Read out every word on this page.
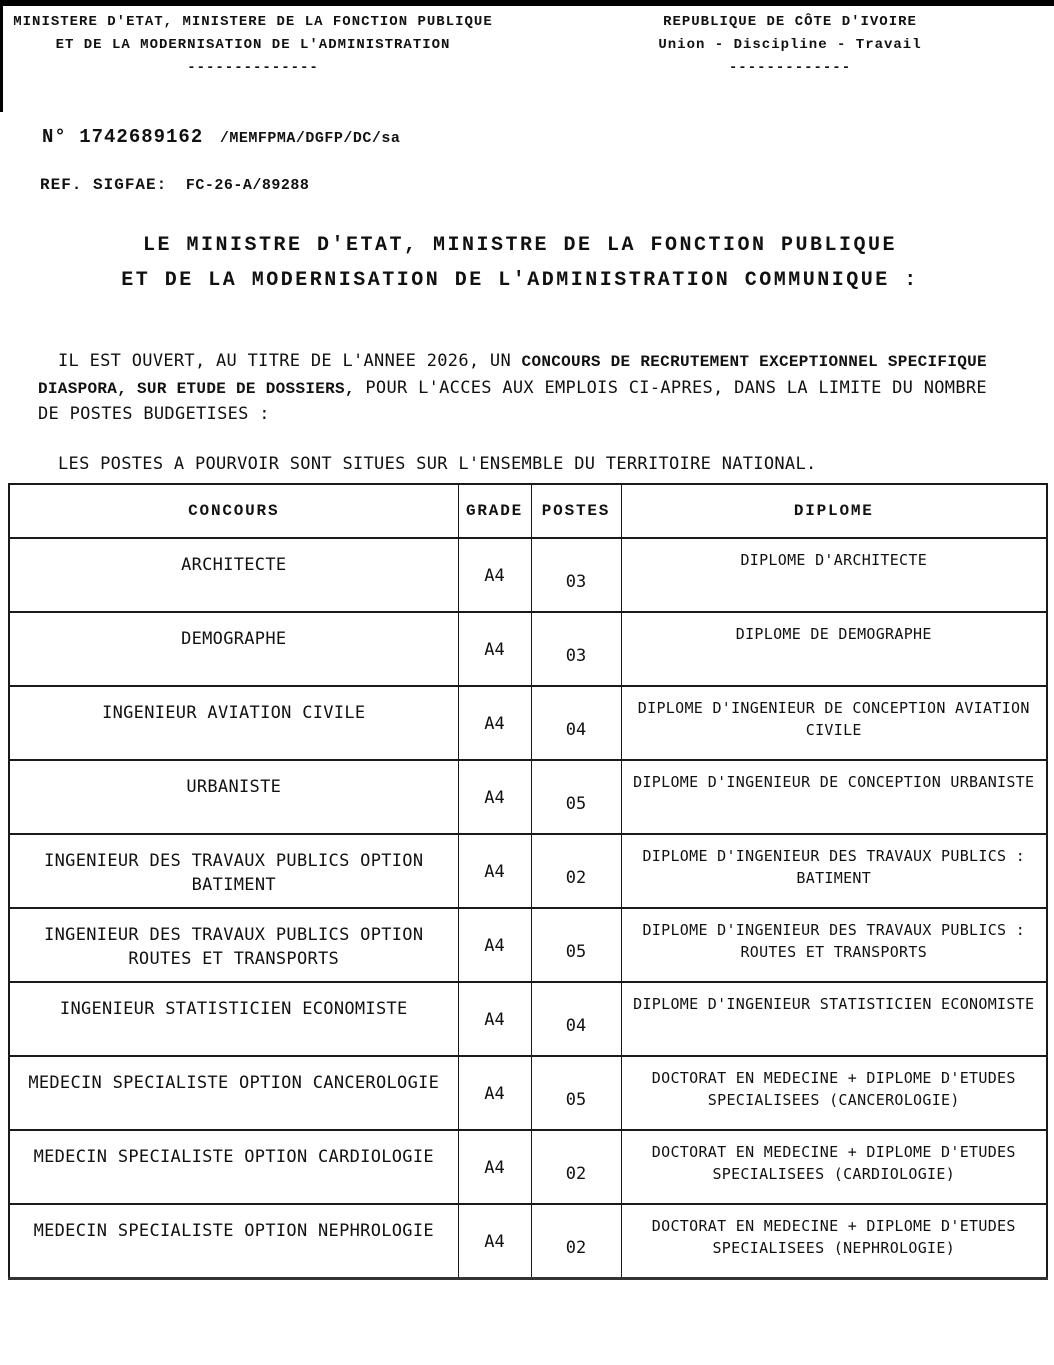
MINISTERE D'ETAT, MINISTERE DE LA FONCTION PUBLIQUE
ET DE LA MODERNISATION DE L'ADMINISTRATION
--------------
REPUBLIQUE DE CÔTE D'IVOIRE
Union - Discipline - Travail
-------------
N° 1742689162 /MEMFPMA/DGFP/DC/sa
REF. SIGFAE: FC-26-A/89288
LE MINISTRE D'ETAT, MINISTRE DE LA FONCTION PUBLIQUE
ET DE LA MODERNISATION DE L'ADMINISTRATION COMMUNIQUE :
IL EST OUVERT, AU TITRE DE L'ANNEE 2026, UN CONCOURS DE RECRUTEMENT EXCEPTIONNEL SPECIFIQUE
DIASPORA, SUR ETUDE DE DOSSIERS, POUR L'ACCES AUX EMPLOIS CI-APRES, DANS LA LIMITE DU NOMBRE
DE POSTES BUDGETISES :
LES POSTES A POURVOIR SONT SITUES SUR L'ENSEMBLE DU TERRITOIRE NATIONAL.
CONCOURS	GRADE	POSTES	DIPLOME
ARCHITECTE	A4	03	DIPLOME D'ARCHITECTE
DEMOGRAPHE	A4	03	DIPLOME DE DEMOGRAPHE
INGENIEUR AVIATION CIVILE	A4	04	DIPLOME D'INGENIEUR DE CONCEPTION AVIATION CIVILE
URBANISTE	A4	05	DIPLOME D'INGENIEUR DE CONCEPTION URBANISTE
INGENIEUR DES TRAVAUX PUBLICS OPTION BATIMENT	A4	02	DIPLOME D'INGENIEUR DES TRAVAUX PUBLICS : BATIMENT
INGENIEUR DES TRAVAUX PUBLICS OPTION ROUTES ET TRANSPORTS	A4	05	DIPLOME D'INGENIEUR DES TRAVAUX PUBLICS : ROUTES ET TRANSPORTS
INGENIEUR STATISTICIEN ECONOMISTE	A4	04	DIPLOME D'INGENIEUR STATISTICIEN ECONOMISTE
MEDECIN SPECIALISTE OPTION CANCEROLOGIE	A4	05	DOCTORAT EN MEDECINE + DIPLOME D'ETUDES SPECIALISEES (CANCEROLOGIE)
MEDECIN SPECIALISTE OPTION CARDIOLOGIE	A4	02	DOCTORAT EN MEDECINE + DIPLOME D'ETUDES SPECIALISEES (CARDIOLOGIE)
MEDECIN SPECIALISTE OPTION NEPHROLOGIE	A4	02	DOCTORAT EN MEDECINE + DIPLOME D'ETUDES SPECIALISEES (NEPHROLOGIE)
